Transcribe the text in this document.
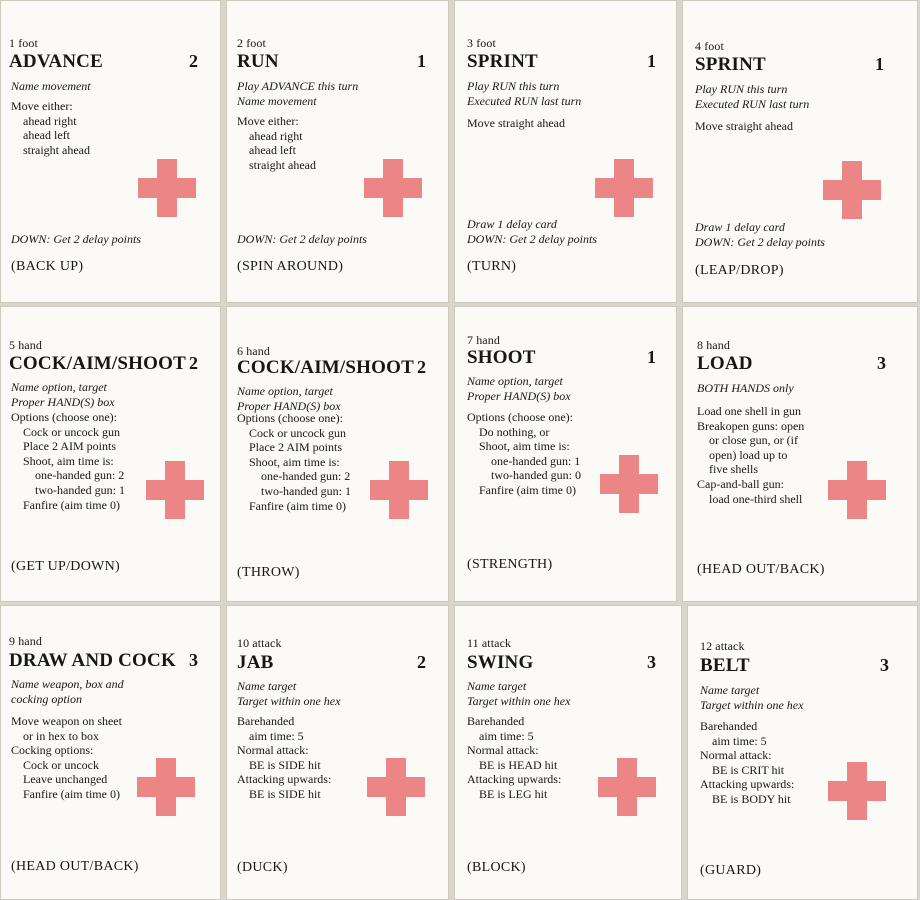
1 foot
ADVANCE	2
Name movement
Move either:
ahead right
ahead left
straight ahead
DOWN: Get 2 delay points
(BACK UP)
2 foot
RUN	1
Play ADVANCE this turn
Name movement
Move either:
ahead right
ahead left
straight ahead
DOWN: Get 2 delay points
(SPIN AROUND)
3 foot
SPRINT	1
Play RUN this turn
Executed RUN last turn
Move straight ahead
Draw 1 delay card
DOWN: Get 2 delay points
(TURN)
4 foot
SPRINT	1
Play RUN this turn
Executed RUN last turn
Move straight ahead
Draw 1 delay card
DOWN: Get 2 delay points
(LEAP/DROP)
5 hand
COCK/AIM/SHOOT 2
Name option, target
Proper HAND(S) box
Options (choose one):
Cock or uncock gun
Place 2 AIM points
Shoot, aim time is:
one-handed gun: 2
two-handed gun: 1
Fanfire (aim time 0)
(GET UP/DOWN)
6 hand
COCK/AIM/SHOOT 2
Name option, target
Proper HAND(S) box
Options (choose one):
Cock or uncock gun
Place 2 AIM points
Shoot, aim time is:
one-handed gun: 2
two-handed gun: 1
Fanfire (aim time 0)
(THROW)
7 hand
SHOOT	1
Name option, target
Proper HAND(S) box
Options (choose one):
Do nothing, or
Shoot, aim time is:
one-handed gun: 1
two-handed gun: 0
Fanfire (aim time 0)
(STRENGTH)
8 hand
LOAD	3
BOTH HANDS only
Load one shell in gun
Breakopen guns: open
or close gun, or (if
open) load up to
five shells
Cap-and-ball gun:
load one-third shell
(HEAD OUT/BACK)
9 hand
DRAW AND COCK 3
Name weapon, box and
cocking option
Move weapon on sheet
or in hex to box
Cocking options:
Cock or uncock
Leave unchanged
Fanfire (aim time 0)
(HEAD OUT/BACK)
10 attack
JAB	2
Name target
Target within one hex
Barehanded
aim time: 5
Normal attack:
BE is SIDE hit
Attacking upwards:
BE is SIDE hit
(DUCK)
11 attack
SWING	3
Name target
Target within one hex
Barehanded
aim time: 5
Normal attack:
BE is HEAD hit
Attacking upwards:
BE is LEG hit
(BLOCK)
12 attack
BELT	3
Name target
Target within one hex
Barehanded
aim time: 5
Normal attack:
BE is CRIT hit
Attacking upwards:
BE is BODY hit
(GUARD)
